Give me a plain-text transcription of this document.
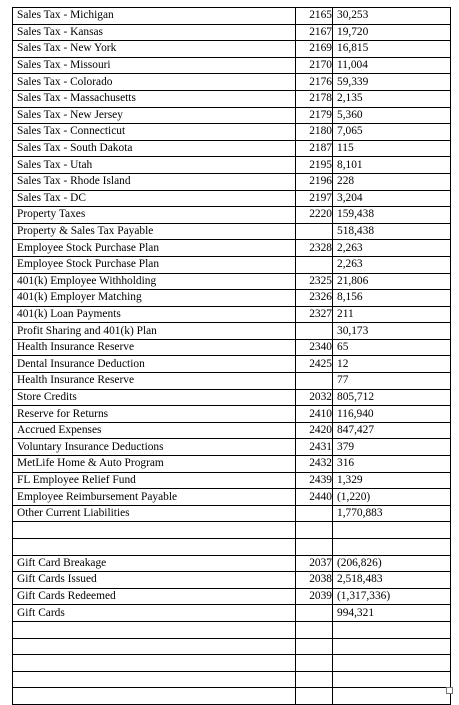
Sales Tax - Michigan	2165	30,253
Sales Tax - Kansas	2167	19,720
Sales Tax - New York	2169	16,815
Sales Tax - Missouri	2170	11,004
Sales Tax - Colorado	2176	59,339
Sales Tax - Massachusetts	2178	2,135
Sales Tax - New Jersey	2179	5,360
Sales Tax - Connecticut	2180	7,065
Sales Tax - South Dakota	2187	115
Sales Tax - Utah	2195	8,101
Sales Tax - Rhode Island	2196	228
Sales Tax - DC	2197	3,204
Property Taxes	2220	159,438
Property & Sales Tax Payable		518,438
Employee Stock Purchase Plan	2328	2,263
Employee Stock Purchase Plan		2,263
401(k) Employee Withholding	2325	21,806
401(k) Employer Matching	2326	8,156
401(k) Loan Payments	2327	211
Profit Sharing and 401(k) Plan		30,173
Health Insurance Reserve	2340	65
Dental Insurance Deduction	2425	12
Health Insurance Reserve		77
Store Credits	2032	805,712
Reserve for Returns	2410	116,940
Accrued Expenses	2420	847,427
Voluntary Insurance Deductions	2431	379
MetLife Home & Auto Program	2432	316
FL Employee Relief Fund	2439	1,329
Employee Reimbursement Payable	2440	(1,220)
Other Current Liabilities		1,770,883

Gift Card Breakage	2037	(206,826)
Gift Cards Issued	2038	2,518,483
Gift Cards Redeemed	2039	(1,317,336)
Gift Cards		994,321
